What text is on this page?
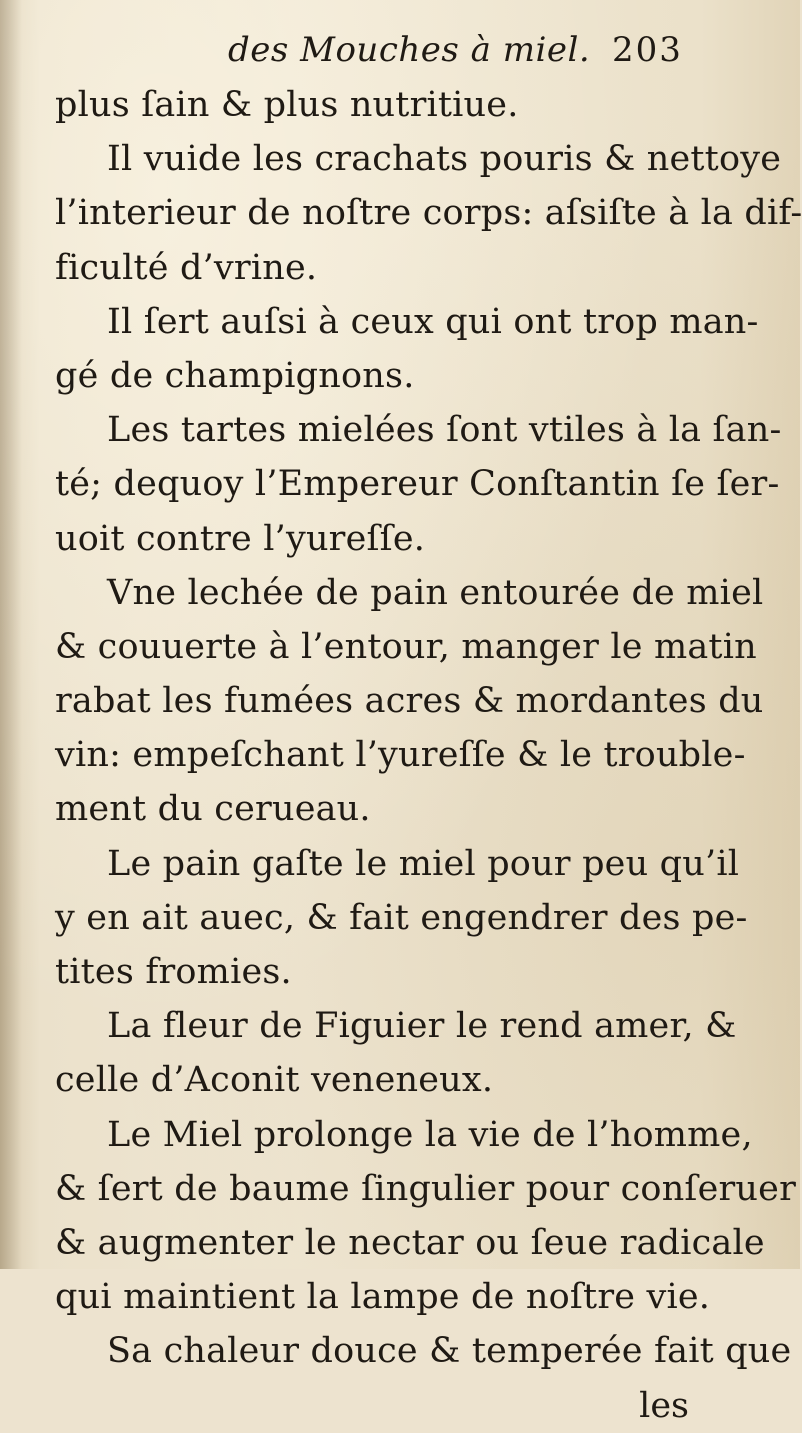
des Mouches à miel. 203
plus ſain & plus nutritiue.
Il vuide les crachats pouris & nettoye
l’interieur de noſtre corps: aſsiſte à la dif-
ficulté d’vrine.
Il ſert auſsi à ceux qui ont trop man-
gé de champignons.
Les tartes mielées ſont vtiles à la ſan-
té; dequoy l’Empereur Conſtantin ſe ſer-
uoit contre l’yureſſe.
Vne lechée de pain entourée de miel
& couuerte à l’entour, manger le matin
rabat les fumées acres & mordantes du
vin: empeſchant l’yureſſe & le trouble-
ment du cerueau.
Le pain gaſte le miel pour peu qu’il
y en ait auec, & fait engendrer des pe-
tites fromies.
La fleur de Figuier le rend amer, &
celle d’Aconit veneneux.
Le Miel prolonge la vie de l’homme,
& ſert de baume ſingulier pour conſeruer
& augmenter le nectar ou ſeue radicale
qui maintient la lampe de noſtre vie.
Sa chaleur douce & temperée fait que
les
